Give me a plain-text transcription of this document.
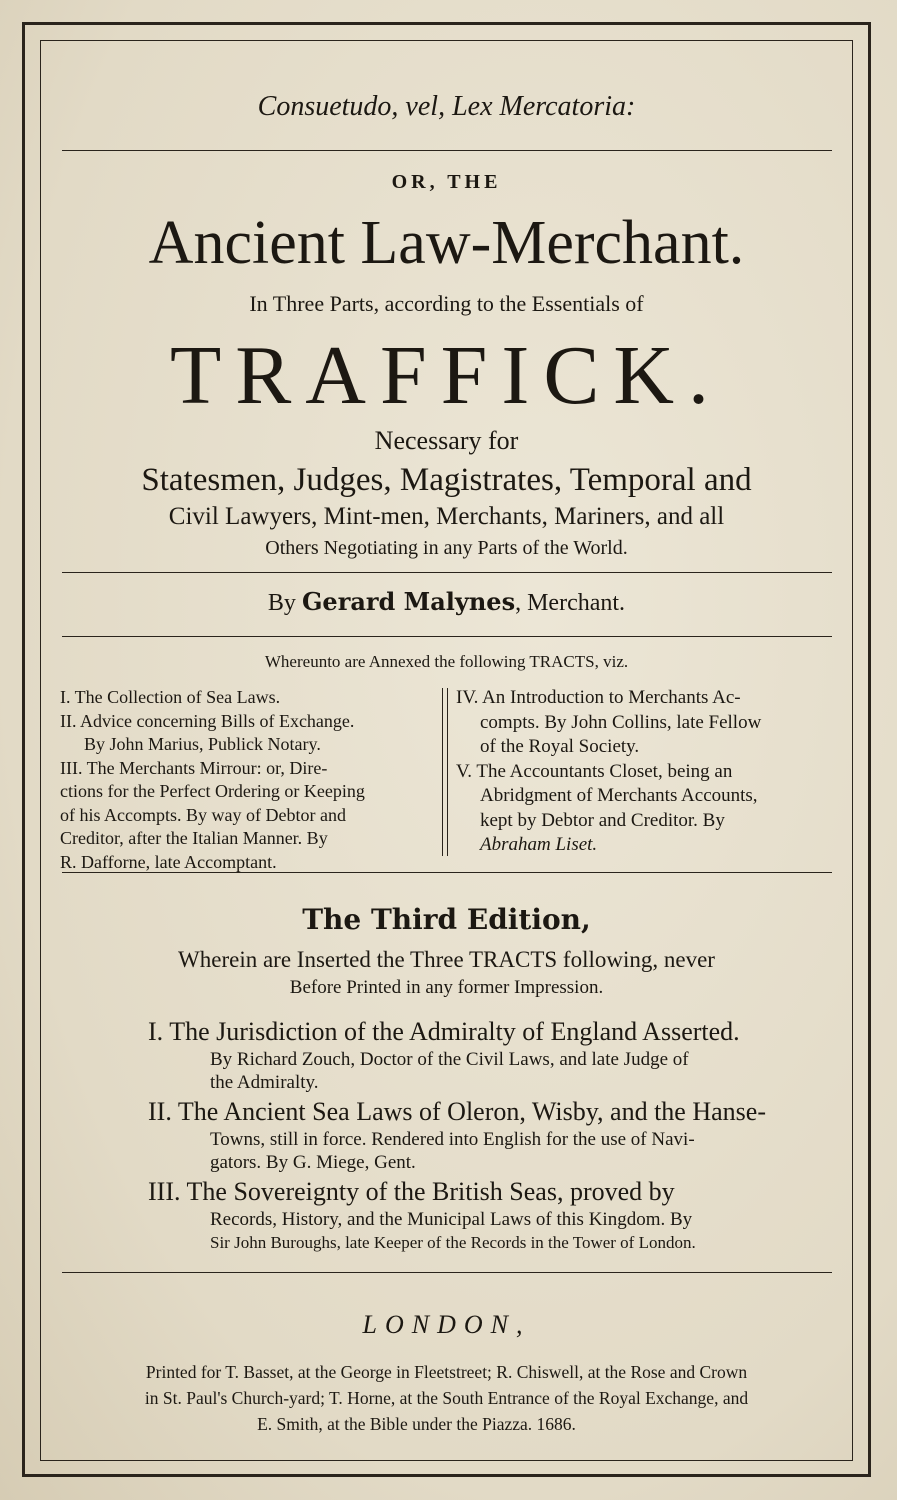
Consuetudo, vel, Lex Mercatoria:
OR, THE
Ancient Law-Merchant.
In Three Parts, according to the Essentials of
TRAFFICK.
Necessary for
Statesmen, Judges, Magistrates, Temporal and
Civil Lawyers, Mint-men, Merchants, Mariners, and all
Others Negotiating in any Parts of the World.
By Gerard Malynes, Merchant.
Whereunto are Annexed the following TRACTS, viz.
I. The Collection of Sea Laws.
II. Advice concerning Bills of Exchange.
By John Marius, Publick Notary.
III. The Merchants Mirrour: or, Dire-
ctions for the Perfect Ordering or Keeping
of his Accompts. By way of Debtor and
Creditor, after the Italian Manner. By
R. Dafforne, late Accomptant.
IV. An Introduction to Merchants Ac-
compts. By John Collins, late Fellow
of the Royal Society.
V. The Accountants Closet, being an
Abridgment of Merchants Accounts,
kept by Debtor and Creditor. By
Abraham Liset.
The Third Edition,
Wherein are Inserted the Three TRACTS following, never
Before Printed in any former Impression.
I. The Jurisdiction of the Admiralty of England Asserted.
By Richard Zouch, Doctor of the Civil Laws, and late Judge of
the Admiralty.
II. The Ancient Sea Laws of Oleron, Wisby, and the Hanse-
Towns, still in force. Rendered into English for the use of Navi-
gators. By G. Miege, Gent.
III. The Sovereignty of the British Seas, proved by
Records, History, and the Municipal Laws of this Kingdom. By
Sir John Buroughs, late Keeper of the Records in the Tower of London.
LONDON,
Printed for T. Basset, at the George in Fleetstreet; R. Chiswell, at the Rose and Crown
in St. Paul's Church-yard; T. Horne, at the South Entrance of the Royal Exchange, and
E. Smith, at the Bible under the Piazza. 1686.
